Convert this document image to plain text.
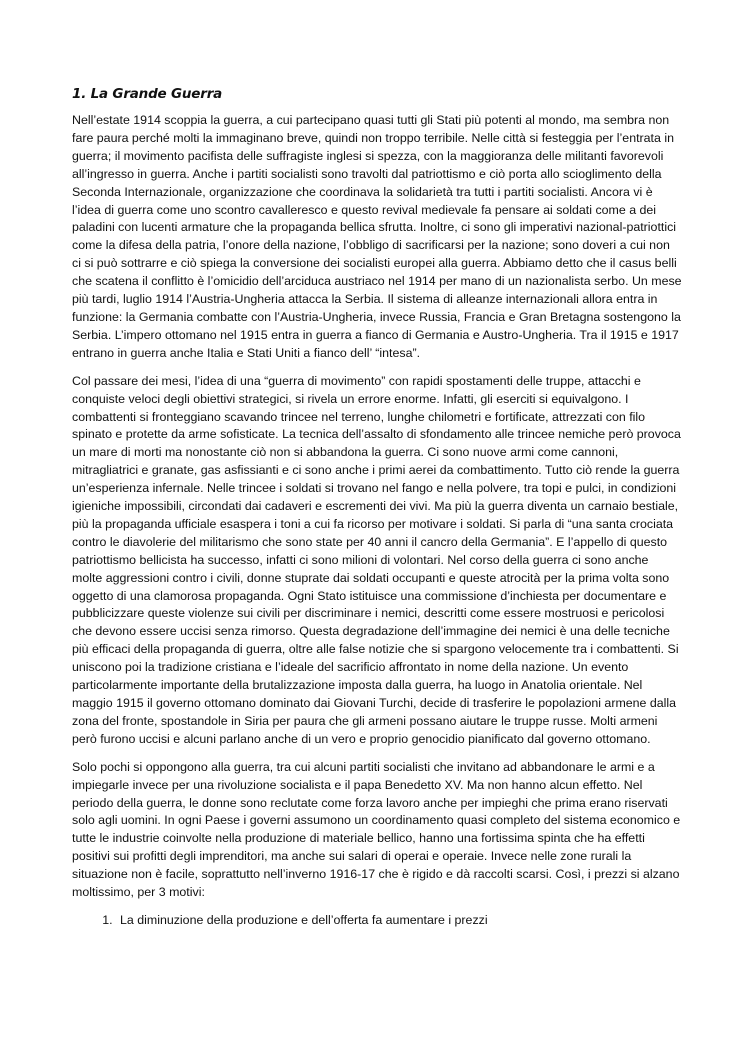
1. La Grande Guerra

Nell’estate 1914 scoppia la guerra, a cui partecipano quasi tutti gli Stati più potenti al mondo, ma sembra non fare paura perché molti la immaginano breve, quindi non troppo terribile. Nelle città si festeggia per l’entrata in guerra; il movimento pacifista delle suffragiste inglesi si spezza, con la maggioranza delle militanti favorevoli all’ingresso in guerra. Anche i partiti socialisti sono travolti dal patriottismo e ciò porta allo scioglimento della Seconda Internazionale, organizzazione che coordinava la solidarietà tra tutti i partiti socialisti. Ancora vi è l’idea di guerra come uno scontro cavalleresco e questo revival medievale fa pensare ai soldati come a dei paladini con lucenti armature che la propaganda bellica sfrutta. Inoltre, ci sono gli imperativi nazional-patriottici come la difesa della patria, l’onore della nazione, l’obbligo di sacrificarsi per la nazione; sono doveri a cui non ci si può sottrarre e ciò spiega la conversione dei socialisti europei alla guerra. Abbiamo detto che il casus belli che scatena il conflitto è l’omicidio dell’arciduca austriaco nel 1914 per mano di un nazionalista serbo. Un mese più tardi, luglio 1914 l’Austria-Ungheria attacca la Serbia. Il sistema di alleanze internazionali allora entra in funzione: la Germania combatte con l’Austria-Ungheria, invece Russia, Francia e Gran Bretagna sostengono la Serbia. L’impero ottomano nel 1915 entra in guerra a fianco di Germania e Austro-Ungheria. Tra il 1915 e 1917 entrano in guerra anche Italia e Stati Uniti a fianco dell’ “intesa”.

Col passare dei mesi, l’idea di una “guerra di movimento” con rapidi spostamenti delle truppe, attacchi e conquiste veloci degli obiettivi strategici, si rivela un errore enorme. Infatti, gli eserciti si equivalgono. I combattenti si fronteggiano scavando trincee nel terreno, lunghe chilometri e fortificate, attrezzati con filo spinato e protette da arme sofisticate. La tecnica dell’assalto di sfondamento alle trincee nemiche però provoca un mare di morti ma nonostante ciò non si abbandona la guerra. Ci sono nuove armi come cannoni, mitragliatrici e granate, gas asfissianti e ci sono anche i primi aerei da combattimento. Tutto ciò rende la guerra un’esperienza infernale. Nelle trincee i soldati si trovano nel fango e nella polvere, tra topi e pulci, in condizioni igieniche impossibili, circondati dai cadaveri e escrementi dei vivi. Ma più la guerra diventa un carnaio bestiale, più la propaganda ufficiale esaspera i toni a cui fa ricorso per motivare i soldati. Si parla di “una santa crociata contro le diavolerie del militarismo che sono state per 40 anni il cancro della Germania”. E l’appello di questo patriottismo bellicista ha successo, infatti ci sono milioni di volontari. Nel corso della guerra ci sono anche molte aggressioni contro i civili, donne stuprate dai soldati occupanti e queste atrocità per la prima volta sono oggetto di una clamorosa propaganda. Ogni Stato istituisce una commissione d’inchiesta per documentare e pubblicizzare queste violenze sui civili per discriminare i nemici, descritti come essere mostruosi e pericolosi che devono essere uccisi senza rimorso. Questa degradazione dell’immagine dei nemici è una delle tecniche più efficaci della propaganda di guerra, oltre alle false notizie che si spargono velocemente tra i combattenti. Si uniscono poi la tradizione cristiana e l’ideale del sacrificio affrontato in nome della nazione. Un evento particolarmente importante della brutalizzazione imposta dalla guerra, ha luogo in Anatolia orientale. Nel maggio 1915 il governo ottomano dominato dai Giovani Turchi, decide di trasferire le popolazioni armene dalla zona del fronte, spostandole in Siria per paura che gli armeni possano aiutare le truppe russe. Molti armeni però furono uccisi e alcuni parlano anche di un vero e proprio genocidio pianificato dal governo ottomano.

Solo pochi si oppongono alla guerra, tra cui alcuni partiti socialisti che invitano ad abbandonare le armi e a impiegarle invece per una rivoluzione socialista e il papa Benedetto XV. Ma non hanno alcun effetto. Nel periodo della guerra, le donne sono reclutate come forza lavoro anche per impieghi che prima erano riservati solo agli uomini. In ogni Paese i governi assumono un coordinamento quasi completo del sistema economico e tutte le industrie coinvolte nella produzione di materiale bellico, hanno una fortissima spinta che ha effetti positivi sui profitti degli imprenditori, ma anche sui salari di operai e operaie. Invece nelle zone rurali la situazione non è facile, soprattutto nell’inverno 1916-17 che è rigido e dà raccolti scarsi. Così, i prezzi si alzano moltissimo, per 3 motivi:

1. La diminuzione della produzione e dell’offerta fa aumentare i prezzi
